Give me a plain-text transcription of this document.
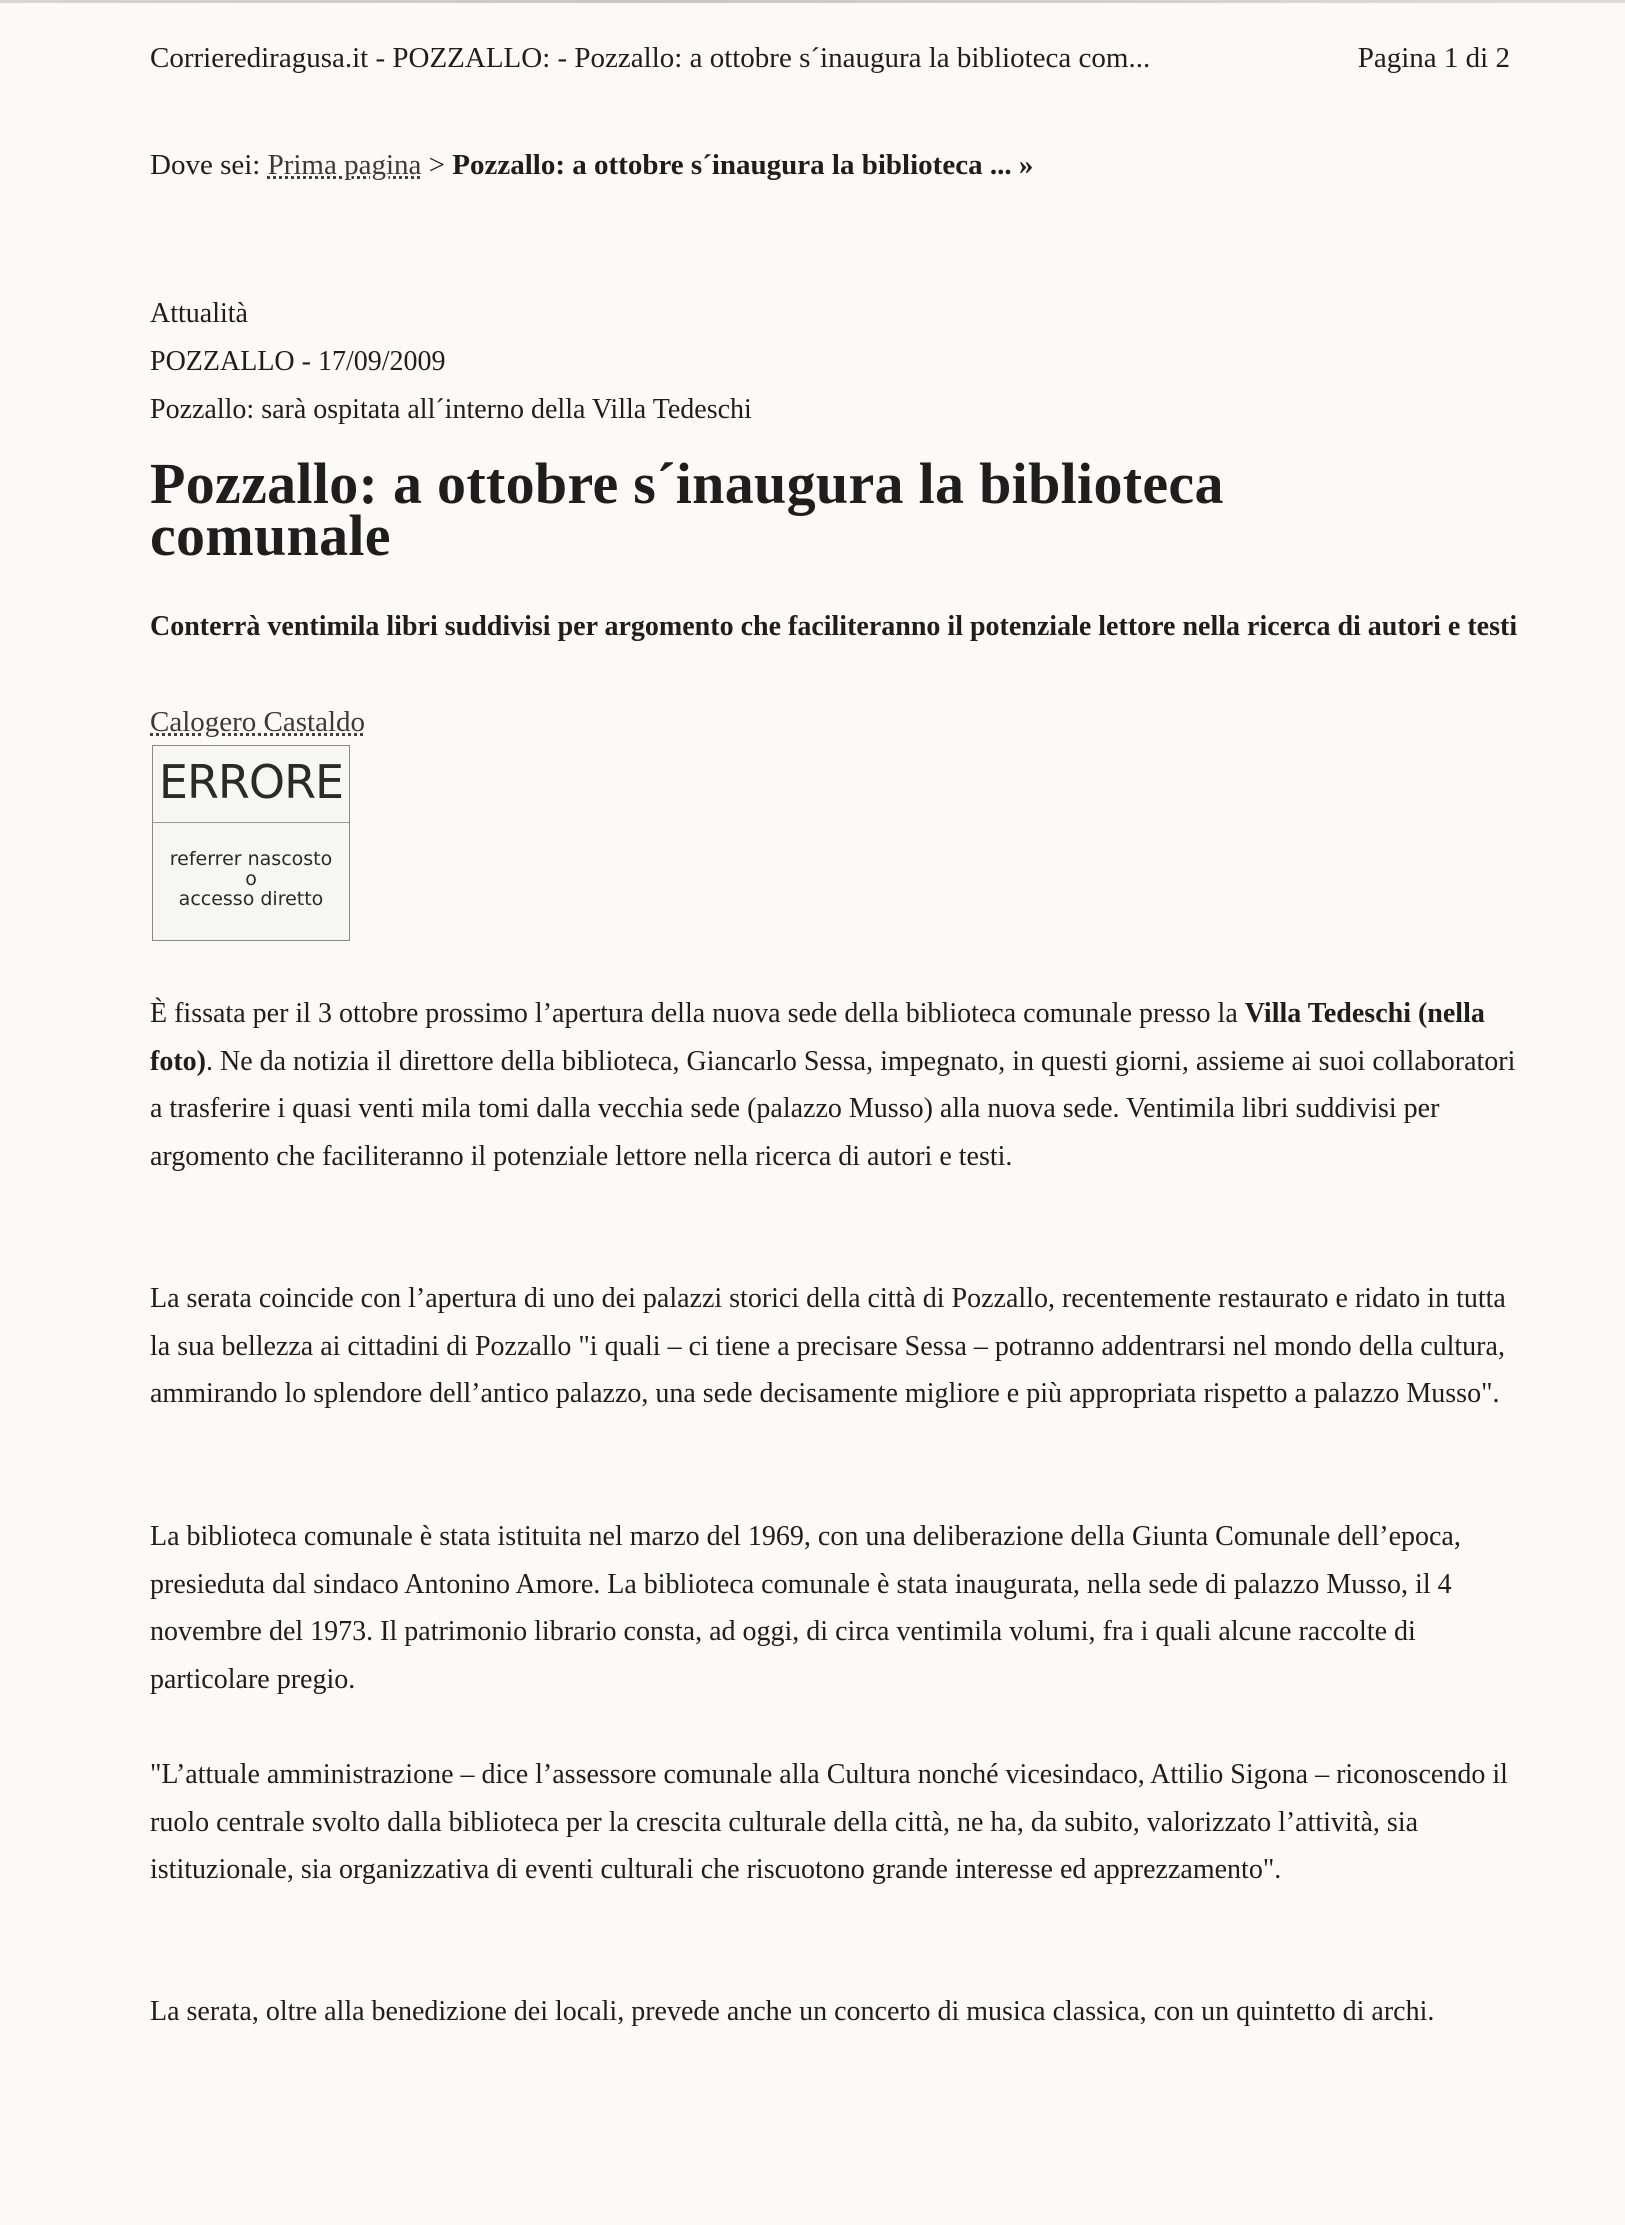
Corrierediragusa.it - POZZALLO: - Pozzallo: a ottobre s´inaugura la biblioteca com...	Pagina 1 di 2
Dove sei: Prima pagina > Pozzallo: a ottobre s´inaugura la biblioteca ... »
Attualità
POZZALLO - 17/09/2009
Pozzallo: sarà ospitata all´interno della Villa Tedeschi
Pozzallo: a ottobre s´inaugura la biblioteca
comunale

Conterrà ventimila libri suddivisi per argomento che faciliteranno il potenziale lettore nella ricerca di autori e testi

Calogero Castaldo
ERRORE
referrer nascosto
o
accesso diretto

È fissata per il 3 ottobre prossimo l’apertura della nuova sede della biblioteca comunale presso la Villa Tedeschi (nella foto). Ne da notizia il direttore della biblioteca, Giancarlo Sessa, impegnato, in questi giorni, assieme ai suoi collaboratori a trasferire i quasi venti mila tomi dalla vecchia sede (palazzo Musso) alla nuova sede. Ventimila libri suddivisi per argomento che faciliteranno il potenziale lettore nella ricerca di autori e testi.

La serata coincide con l’apertura di uno dei palazzi storici della città di Pozzallo, recentemente restaurato e ridato in tutta la sua bellezza ai cittadini di Pozzallo "i quali – ci tiene a precisare Sessa – potranno addentrarsi nel mondo della cultura, ammirando lo splendore dell’antico palazzo, una sede decisamente migliore e più appropriata rispetto a palazzo Musso".

La biblioteca comunale è stata istituita nel marzo del 1969, con una deliberazione della Giunta Comunale dell’epoca, presieduta dal sindaco Antonino Amore. La biblioteca comunale è stata inaugurata, nella sede di palazzo Musso, il 4 novembre del 1973. Il patrimonio librario consta, ad oggi, di circa ventimila volumi, fra i quali alcune raccolte di particolare pregio.

"L’attuale amministrazione – dice l’assessore comunale alla Cultura nonché vicesindaco, Attilio Sigona – riconoscendo il ruolo centrale svolto dalla biblioteca per la crescita culturale della città, ne ha, da subito, valorizzato l’attività, sia istituzionale, sia organizzativa di eventi culturali che riscuotono grande interesse ed apprezzamento".

La serata, oltre alla benedizione dei locali, prevede anche un concerto di musica classica, con un quintetto di archi.
